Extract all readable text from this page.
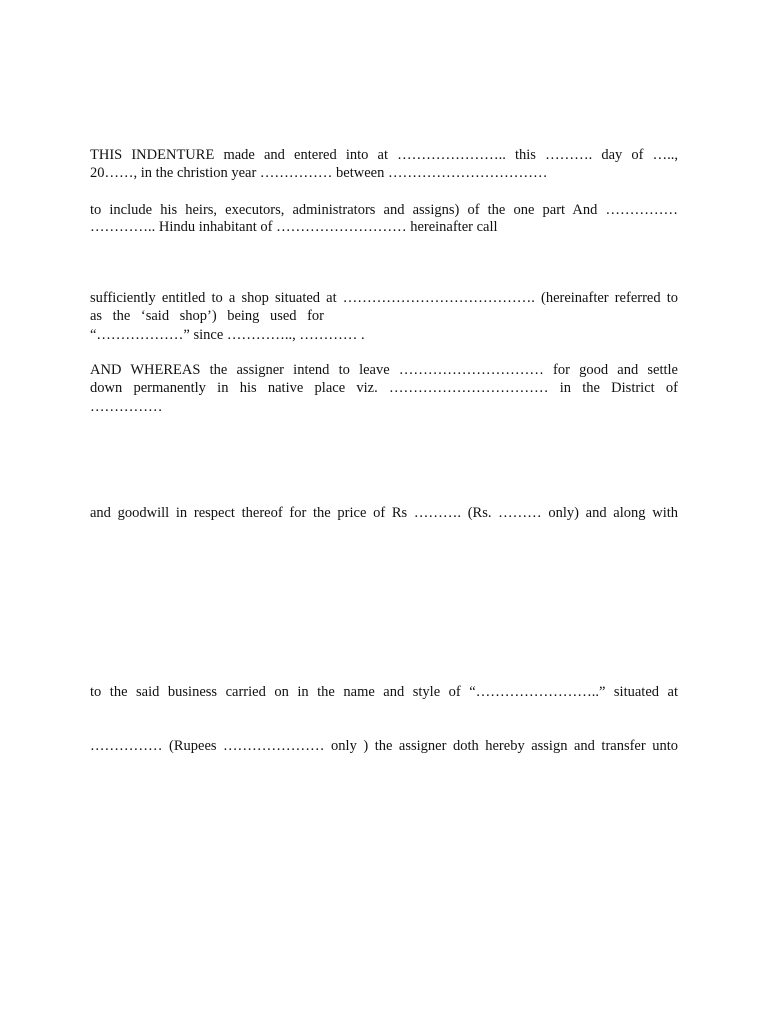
THIS INDENTURE made and entered into at ………………….. this ………. day of …..,
20……, in the christion year …………… between ……………………………
to include his heirs, executors, administrators and assigns) of the one part And ……………
………….. Hindu inhabitant of ……………………… hereinafter call
sufficiently entitled to a shop situated at …………………………………. (hereinafter referred to
as the ‘said shop’) being used for
“………………” since ………….., ………… .
AND WHEREAS the assigner intend to leave ………………………… for good and settle
down permanently in his native place viz. …………………………… in the District of
……………
and goodwill in respect thereof for the price of Rs ………. (Rs. ……… only) and along with
to the said business carried on in the name and style of “……………………..” situated at
…………… (Rupees ………………… only ) the assigner doth hereby assign and transfer unto
